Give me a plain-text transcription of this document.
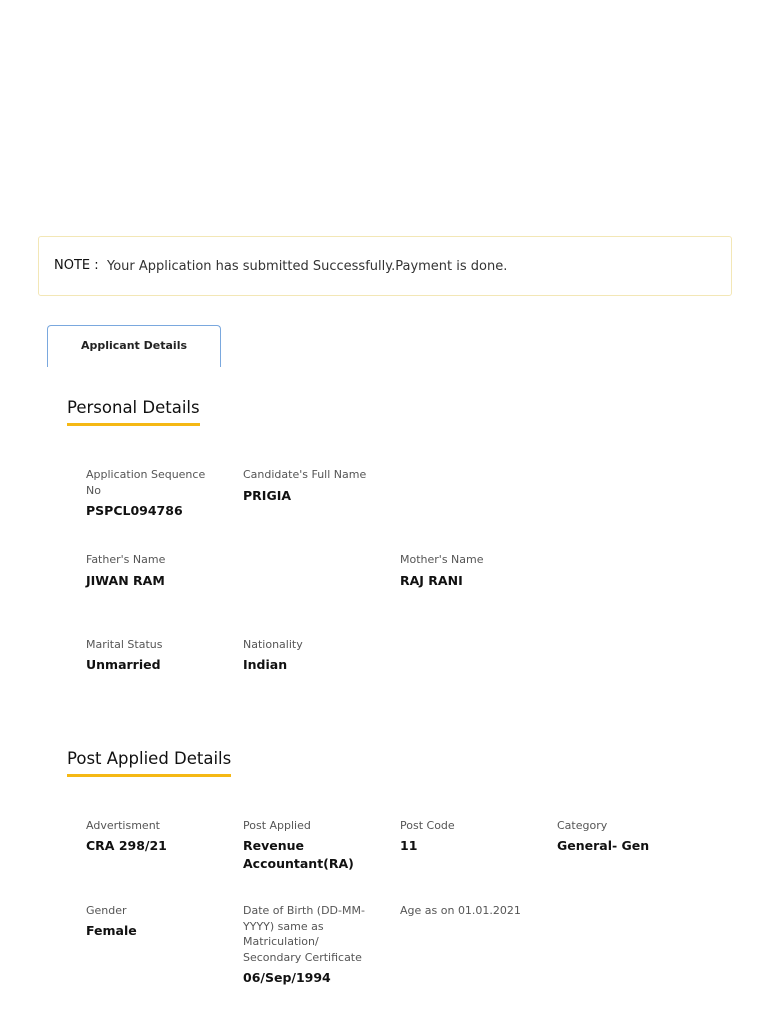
NOTE : Your Application has submitted Successfully.Payment is done.
Applicant Details
Personal Details
Application Sequence No
PSPCL094786
Candidate's Full Name
PRIGIA
Father's Name
JIWAN RAM
Mother's Name
RAJ RANI
Marital Status
Unmarried
Nationality
Indian
Post Applied Details
Advertisment
CRA 298/21
Post Applied
Revenue Accountant(RA)
Post Code
11
Category
General- Gen
Gender
Female
Date of Birth (DD-MM-YYYY) same as Matriculation/ Secondary Certificate
06/Sep/1994
Age as on 01.01.2021
